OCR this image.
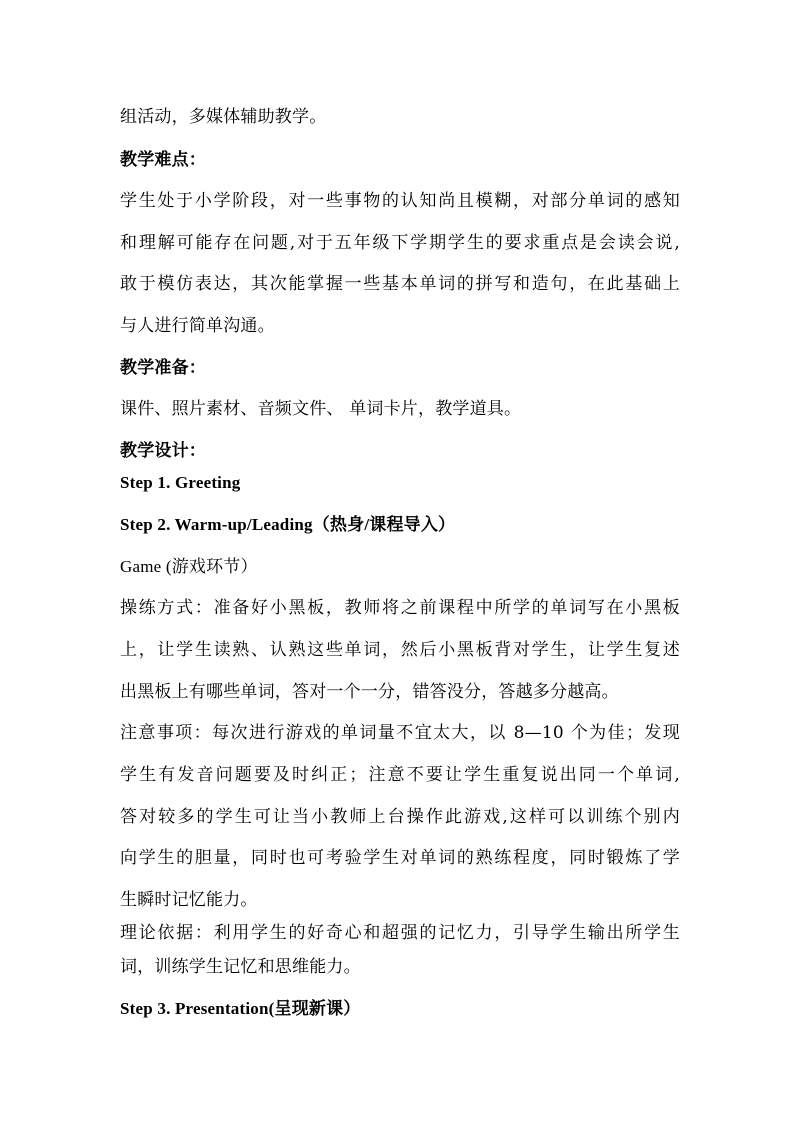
组活动，多媒体辅助教学。
教学难点：
学生处于小学阶段，对一些事物的认知尚且模糊，对部分单词的感知
和理解可能存在问题,对于五年级下学期学生的要求重点是会读会说,
敢于模仿表达，其次能掌握一些基本单词的拼写和造句，在此基础上
与人进行简单沟通。
教学准备：
课件、照片素材、音频文件、 单词卡片，教学道具。
教学设计：
Step 1. Greeting
Step 2. Warm-up/Leading（热身/课程导入）
Game (游戏环节）
操练方式：准备好小黑板，教师将之前课程中所学的单词写在小黑板
上，让学生读熟、认熟这些单词，然后小黑板背对学生，让学生复述
出黑板上有哪些单词，答对一个一分，错答没分，答越多分越高。
注意事项：每次进行游戏的单词量不宜太大，以 8—10 个为佳；发现
学生有发音问题要及时纠正；注意不要让学生重复说出同一个单词,
答对较多的学生可让当小教师上台操作此游戏,这样可以训练个别内
向学生的胆量，同时也可考验学生对单词的熟练程度，同时锻炼了学
生瞬时记忆能力。
理论依据：利用学生的好奇心和超强的记忆力，引导学生输出所学生
词，训练学生记忆和思维能力。
Step 3. Presentation(呈现新课）
